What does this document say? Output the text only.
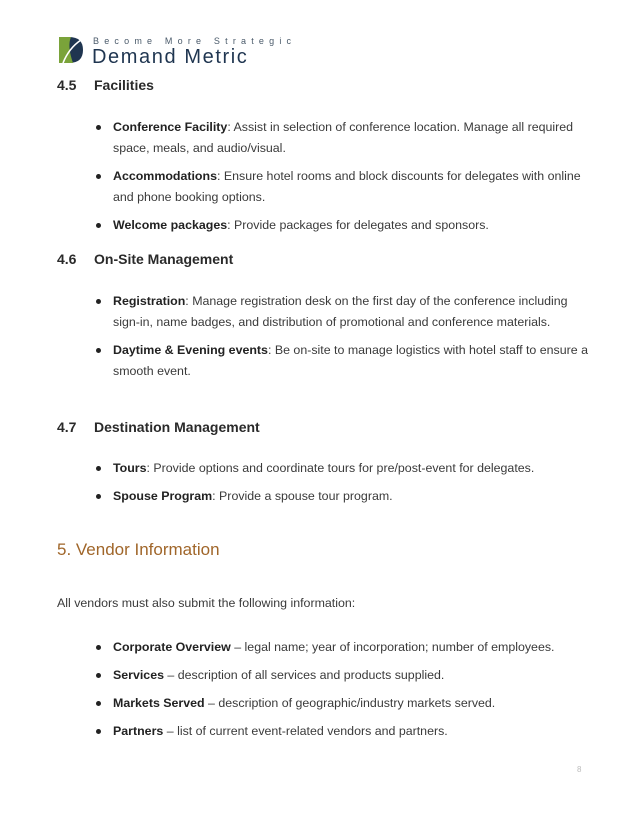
Become More Strategic
Demand Metric
4.5 Facilities
Conference Facility: Assist in selection of conference location. Manage all required space, meals, and audio/visual.
Accommodations: Ensure hotel rooms and block discounts for delegates with online and phone booking options.
Welcome packages: Provide packages for delegates and sponsors.
4.6 On-Site Management
Registration: Manage registration desk on the first day of the conference including sign-in, name badges, and distribution of promotional and conference materials.
Daytime & Evening events: Be on-site to manage logistics with hotel staff to ensure a smooth event.
4.7 Destination Management
Tours: Provide options and coordinate tours for pre/post-event for delegates.
Spouse Program: Provide a spouse tour program.
5. Vendor Information
All vendors must also submit the following information:
Corporate Overview – legal name; year of incorporation; number of employees.
Services – description of all services and products supplied.
Markets Served – description of geographic/industry markets served.
Partners – list of current event-related vendors and partners.
8
